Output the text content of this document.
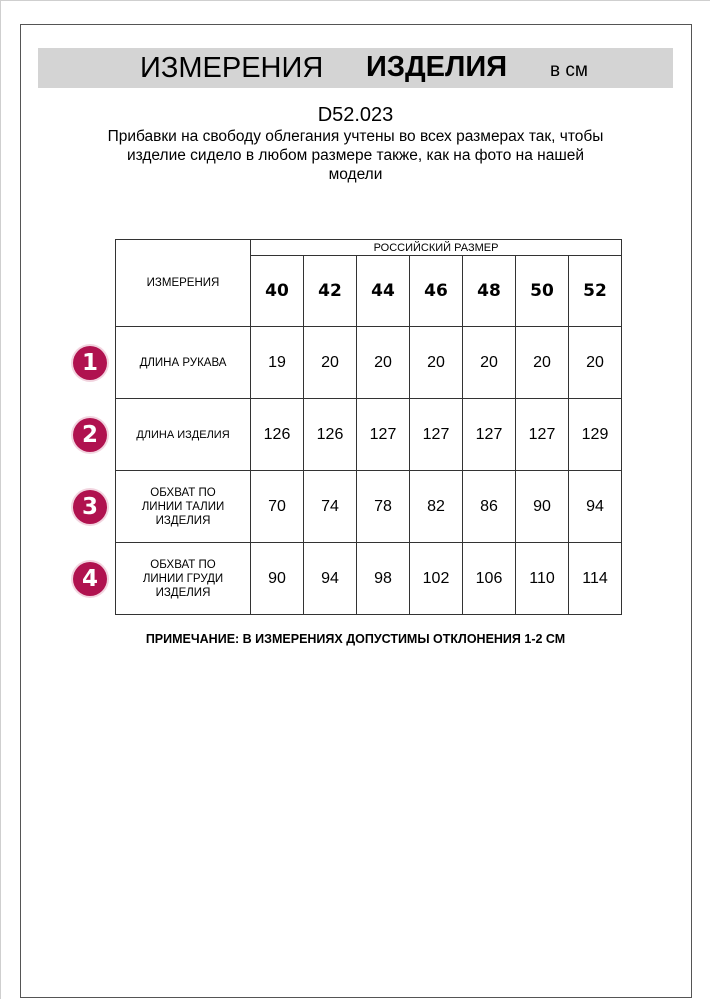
ИЗМЕРЕНИЯ ИЗДЕЛИЯ в см
D52.023
Прибавки на свободу облегания учтены во всех размерах так, чтобы изделие сидело в любом размере также, как на фото на нашей модели
ИЗМЕРЕНИЯ	РОССИЙСКИЙ РАЗМЕР						
	40	42	44	46	48	50	52
ДЛИНА РУКАВА	19	20	20	20	20	20	20
ДЛИНА ИЗДЕЛИЯ	126	126	127	127	127	127	129
ОБХВАТ ПО ЛИНИИ ТАЛИИ ИЗДЕЛИЯ	70	74	78	82	86	90	94
ОБХВАТ ПО ЛИНИИ ГРУДИ ИЗДЕЛИЯ	90	94	98	102	106	110	114
1
2
3
4
ПРИМЕЧАНИЕ: В ИЗМЕРЕНИЯХ ДОПУСТИМЫ ОТКЛОНЕНИЯ 1-2 СМ
